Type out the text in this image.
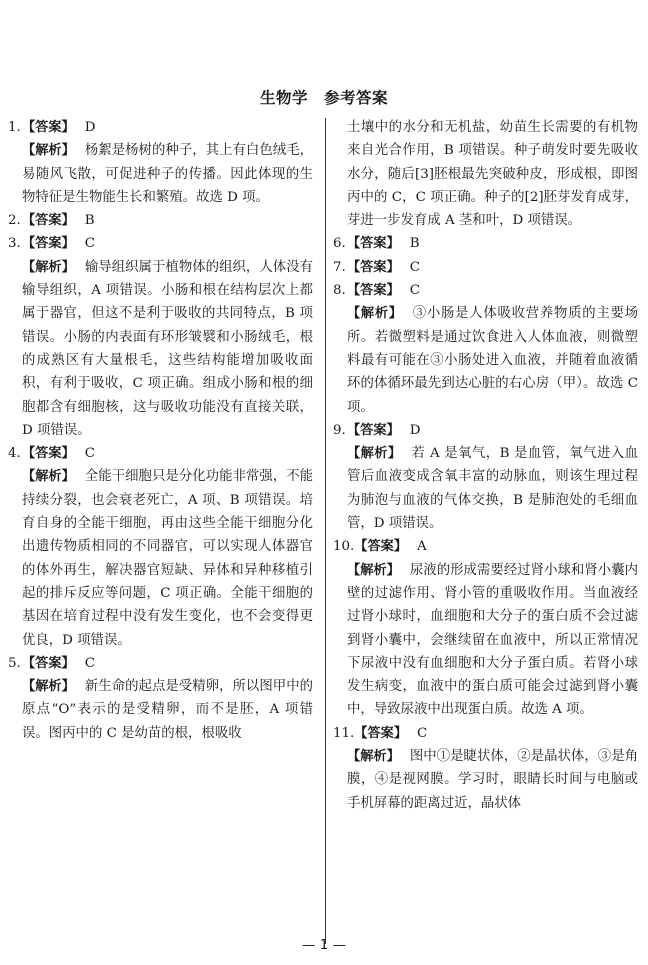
生物学　参考答案
1.【答案】 D
【解析】 杨絮是杨树的种子，其上有白色绒毛，易随风飞散，可促进种子的传播。因此体现的生物特征是生物能生长和繁殖。故选 D 项。
2.【答案】 B
3.【答案】 C
【解析】 输导组织属于植物体的组织，人体没有输导组织，A 项错误。小肠和根在结构层次上都属于器官，但这不是利于吸收的共同特点，B 项错误。小肠的内表面有环形皱襞和小肠绒毛，根的成熟区有大量根毛，这些结构能增加吸收面积，有利于吸收，C 项正确。组成小肠和根的细胞都含有细胞核，这与吸收功能没有直接关联，D 项错误。
4.【答案】 C
【解析】 全能干细胞只是分化功能非常强，不能持续分裂，也会衰老死亡，A 项、B 项错误。培育自身的全能干细胞，再由这些全能干细胞分化出遗传物质相同的不同器官，可以实现人体器官的体外再生，解决器官短缺、异体和异种移植引起的排斥反应等问题，C 项正确。全能干细胞的基因在培育过程中没有发生变化，也不会变得更优良，D 项错误。
5.【答案】 C
【解析】 新生命的起点是受精卵，所以图甲中的原点“O”表示的是受精卵，而不是胚，A 项错误。图丙中的 C 是幼苗的根，根吸收
土壤中的水分和无机盐，幼苗生长需要的有机物来自光合作用，B 项错误。种子萌发时要先吸收水分，随后[3]胚根最先突破种皮，形成根，即图丙中的 C，C 项正确。种子的[2]胚芽发育成芽，芽进一步发育成 A 茎和叶，D 项错误。
6.【答案】 B
7.【答案】 C
8.【答案】 C
【解析】 ③小肠是人体吸收营养物质的主要场所。若微塑料是通过饮食进入人体血液，则微塑料最有可能在③小肠处进入血液，并随着血液循环的体循环最先到达心脏的右心房（甲）。故选 C 项。
9.【答案】 D
【解析】 若 A 是氧气，B 是血管，氧气进入血管后血液变成含氧丰富的动脉血，则该生理过程为肺泡与血液的气体交换，B 是肺泡处的毛细血管，D 项错误。
10.【答案】 A
【解析】 尿液的形成需要经过肾小球和肾小囊内壁的过滤作用、肾小管的重吸收作用。当血液经过肾小球时，血细胞和大分子的蛋白质不会过滤到肾小囊中，会继续留在血液中，所以正常情况下尿液中没有血细胞和大分子蛋白质。若肾小球发生病变，血液中的蛋白质可能会过滤到肾小囊中，导致尿液中出现蛋白质。故选 A 项。
11.【答案】 C
【解析】 图中①是睫状体，②是晶状体，③是角膜，④是视网膜。学习时，眼睛长时间与电脑或手机屏幕的距离过近，晶状体
— 1 —
